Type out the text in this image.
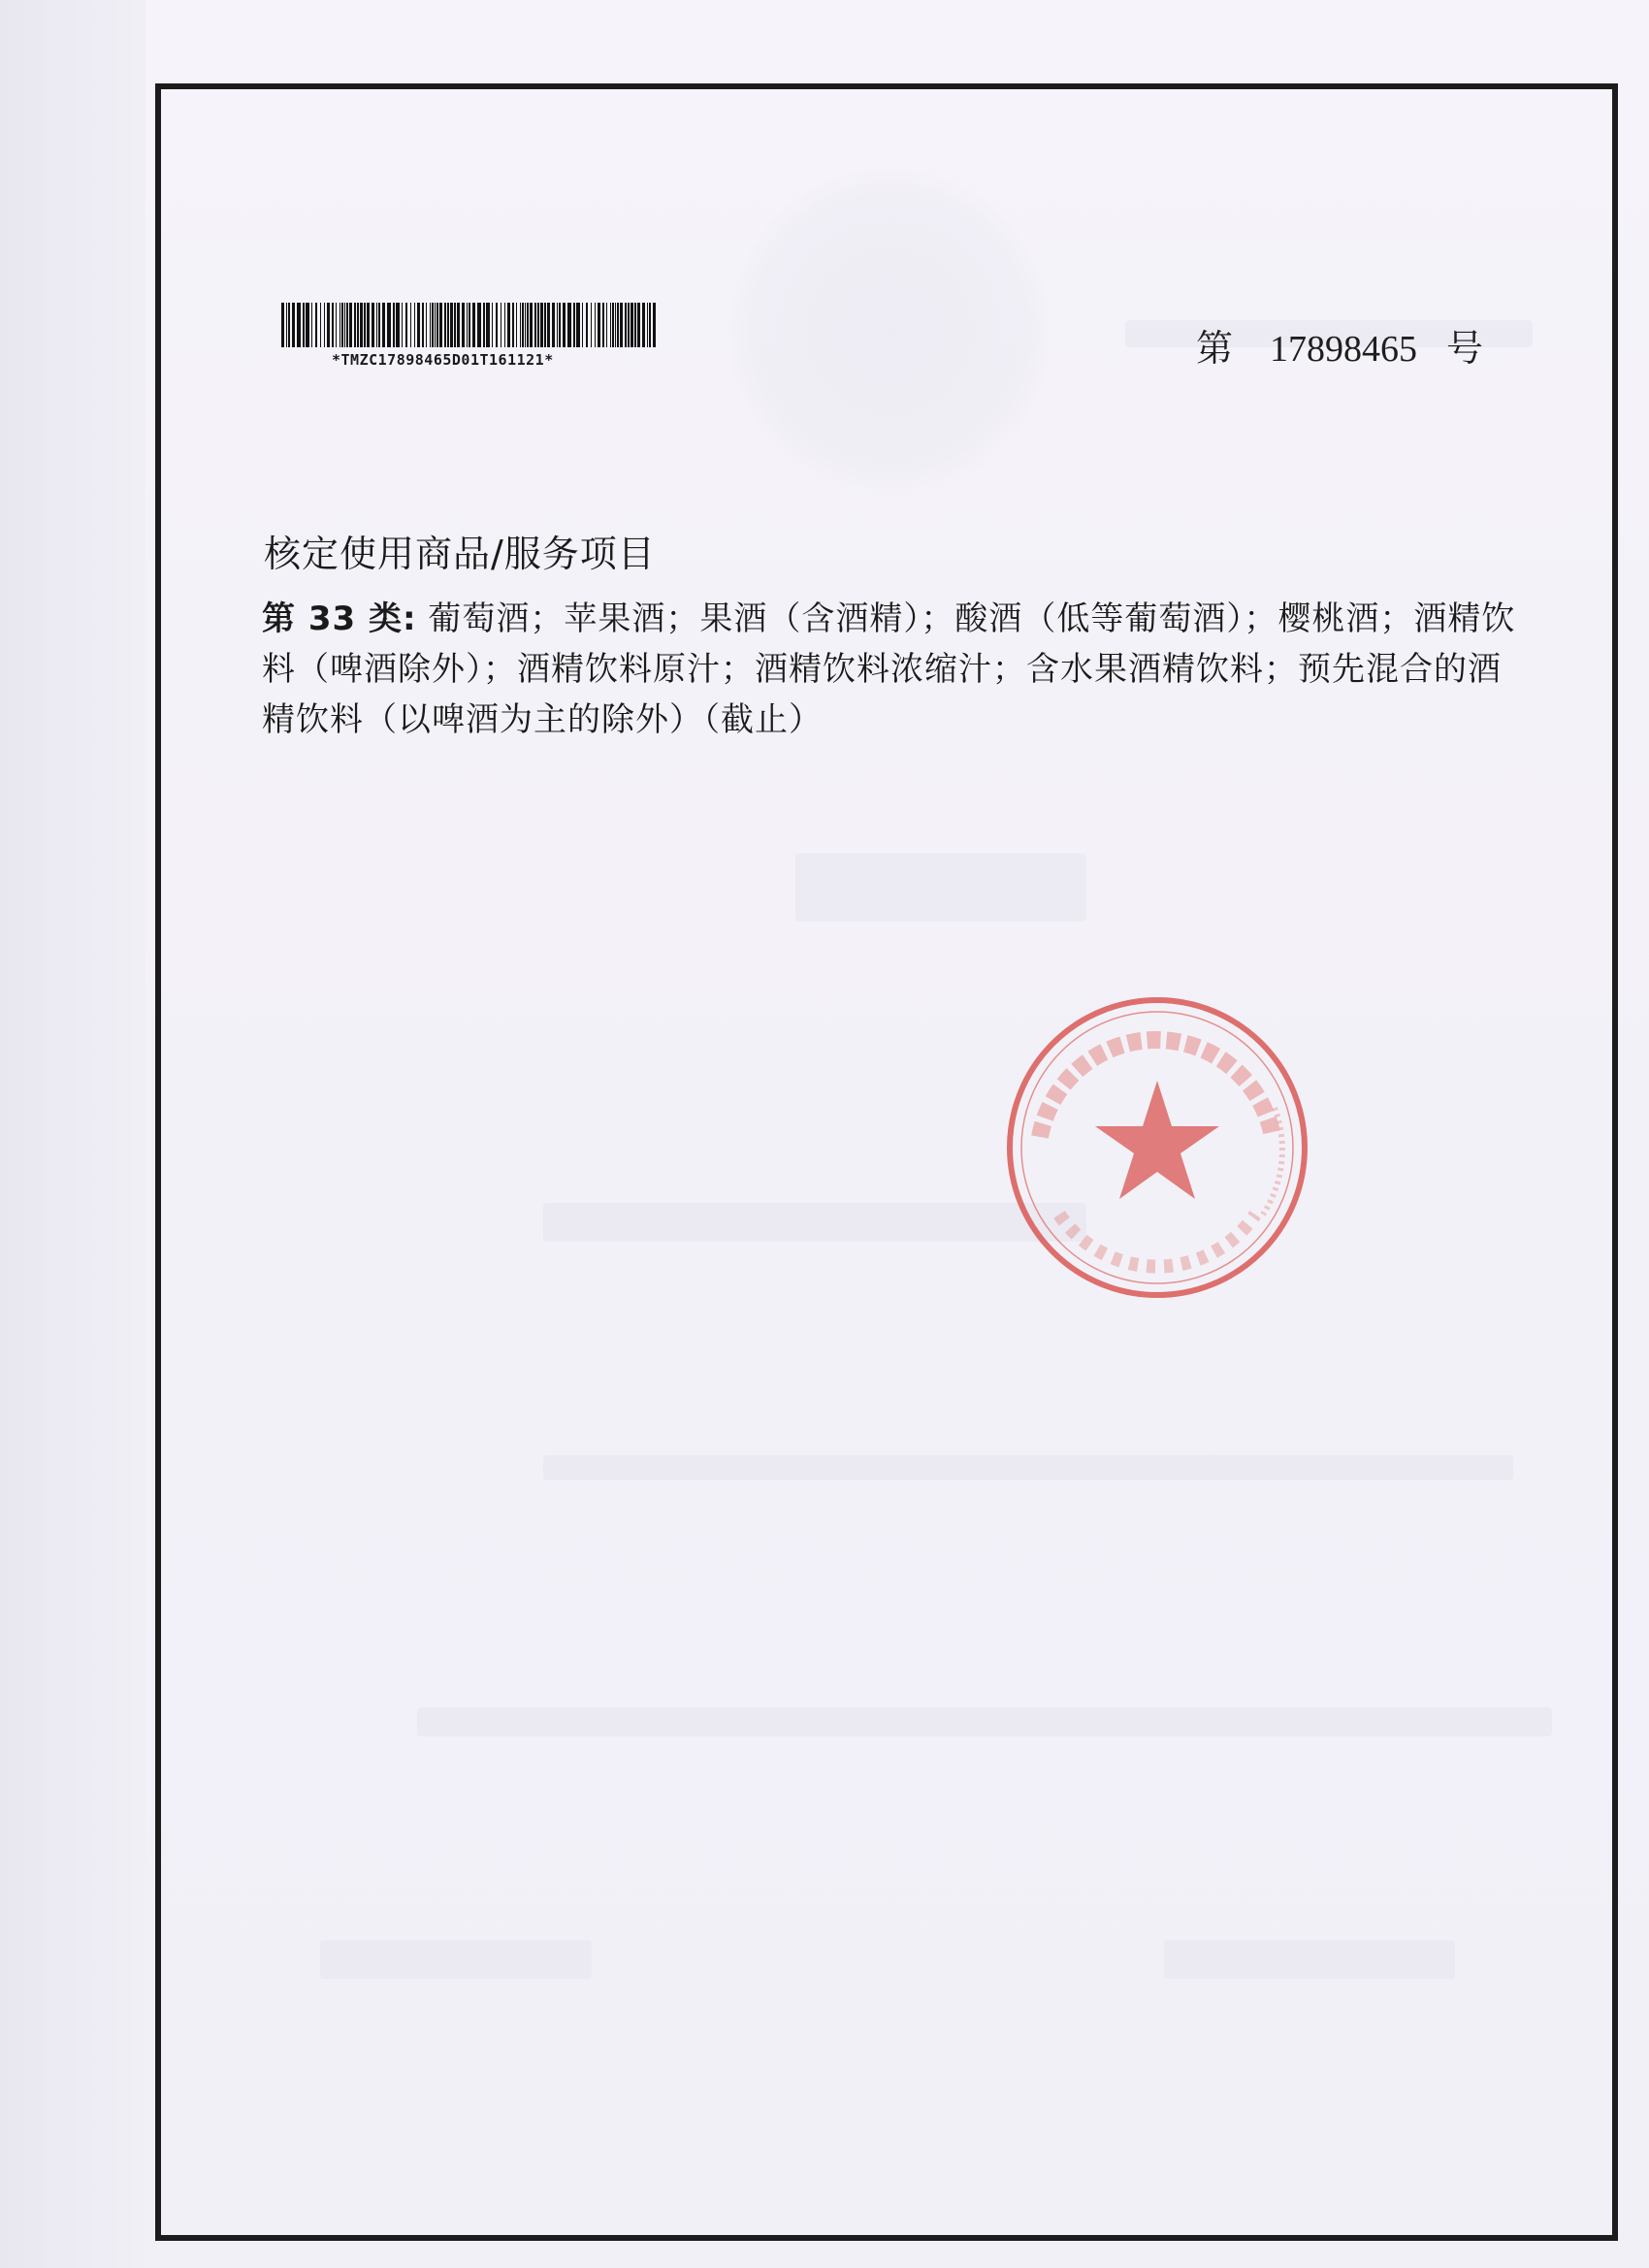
*TMZC17898465D01T161121*	第 17898465 号
核定使用商品/服务项目
第 33 类: 葡萄酒；苹果酒；果酒（含酒精）；酸酒（低等葡萄酒）；樱桃酒；酒精饮料（啤酒除外）；酒精饮料原汁；酒精饮料浓缩汁；含水果酒精饮料；预先混合的酒精饮料（以啤酒为主的除外）（截止）
